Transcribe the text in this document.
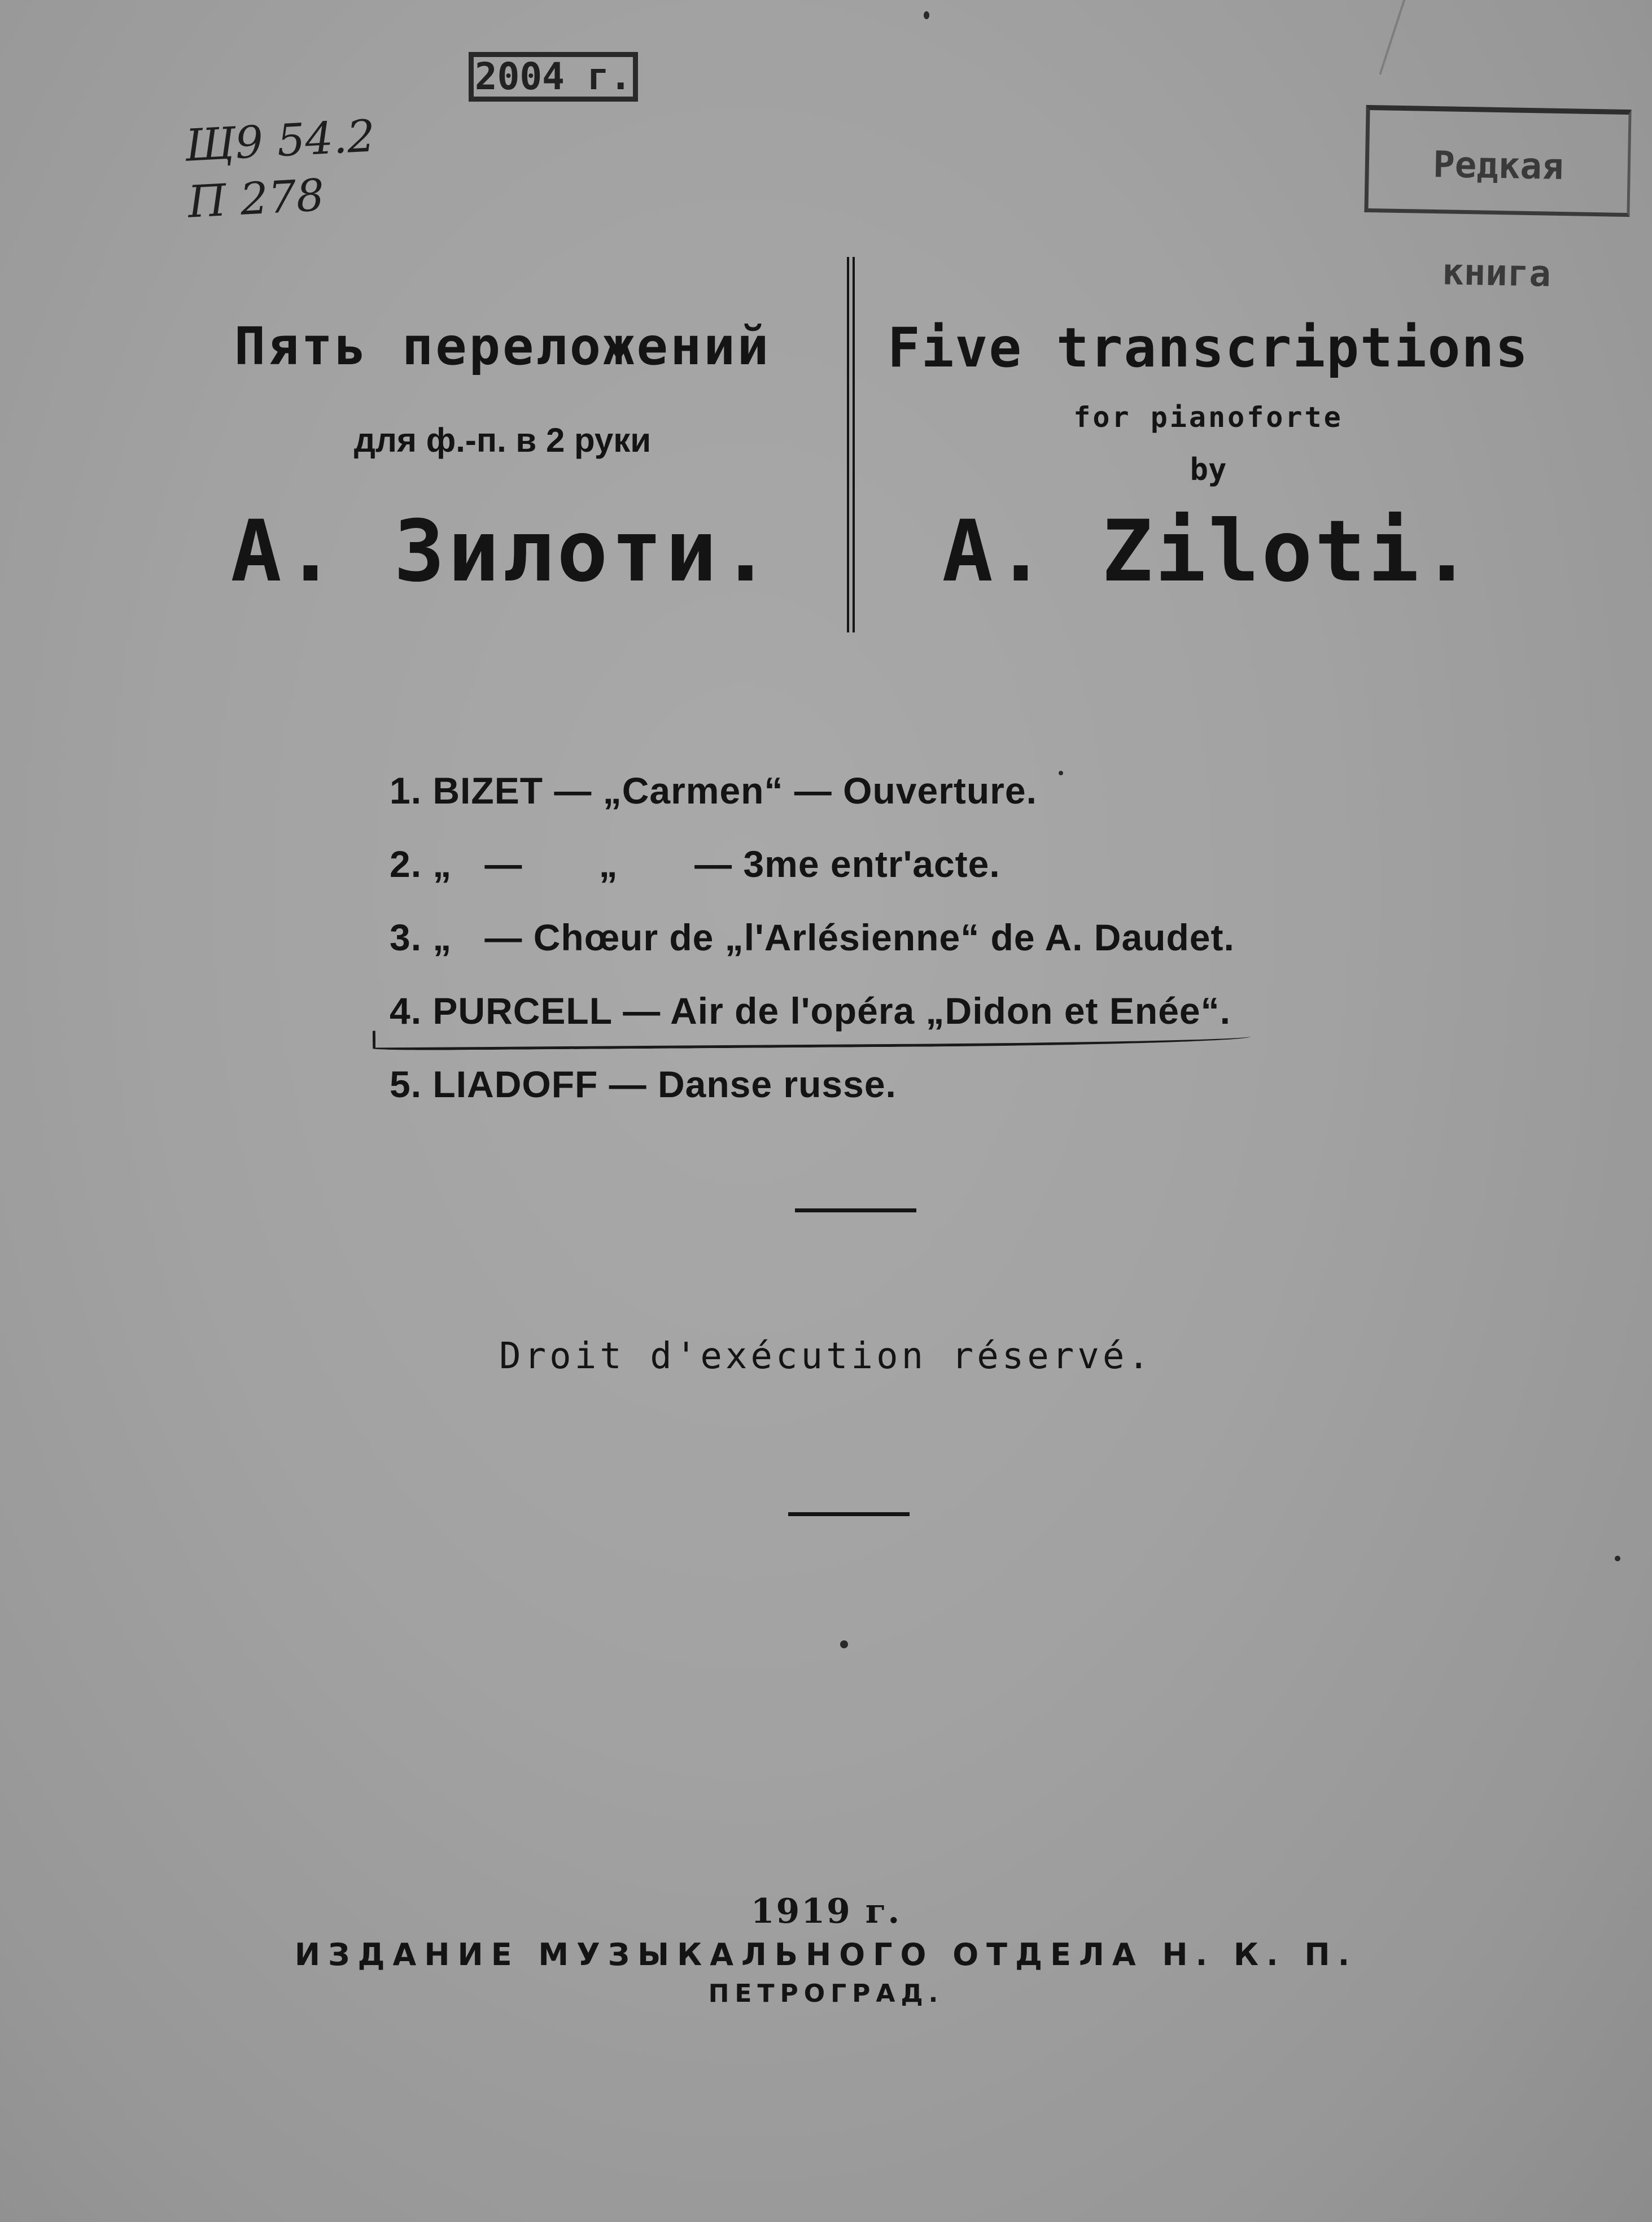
Щ9 54.2
П 278
2004 г.
Редкая книга
Пять переложений
для ф.-п. в 2 руки
А. Зилоти.
Five transcriptions
for pianoforte
by
A. Ziloti.
1. BIZET — „Carmen“ — Ouverture.
2. „   —       „       — 3me entr'acte.
3. „   — Chœur de „l'Arlésienne“ de A. Daudet.
4. PURCELL — Air de l'opéra „Didon et Enée“.
5. LIADOFF — Danse russe.
Droit d'exécution réservé.
1919 г.
ИЗДАНИЕ МУЗЫКАЛЬНОГО ОТДЕЛА Н. К. П.
ПЕТРОГРАД.
